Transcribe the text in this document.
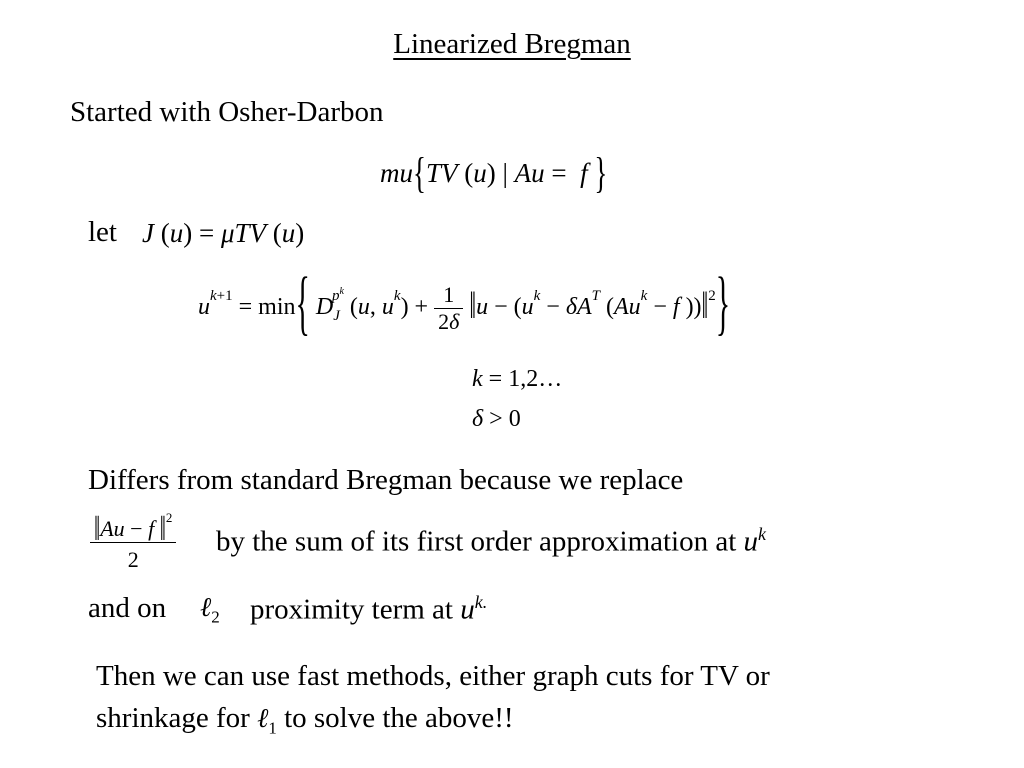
Linearized Bregman
Started with Osher-Darbon
mu{TV (u) | Au =  f }
let J (u) = μTV (u)
$u^{k+1} = \min${ $D_J^{p^k}$ (u, $u^k) + \frac{1}{2\delta}$ ‖u − ($u^k - \delta A^T$ ($Au^k - f$ ))‖$^2$}
k = 1,2…
δ > 0
Differs from standard Bregman because we replace
$\frac{‖Au - f ‖^2}{2}$ by the sum of its first order approximation at $u^k$
and on ℓ$_2$ proximity term at $u^{k.}$
Then we can use fast methods, either graph cuts for TV or
shrinkage for ℓ$_1$ to solve the above!!
